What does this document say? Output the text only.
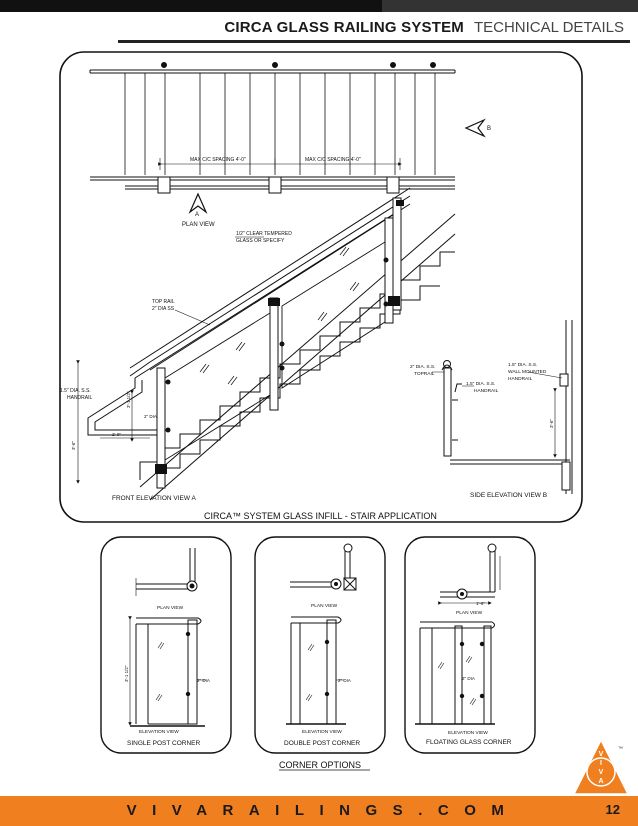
CIRCA GLASS RAILING SYSTEM TECHNICAL DETAILS
MAX C/C SPACING 4'-0"	MAX C/C SPACING 4'-0"
A
PLAN VIEW
B
1/2" CLEAR TEMPERED
GLASS OR SPECIFY
TOP RAIL
2" DIA SS
1.5" DIA. S.S.
HANDRAIL
2" DIA
2'-0"
3'-6"
3'-1 1/2"
FRONT ELEVATION VIEW A
2" DIA. S.S.
TOPRAIL
1.5" DIA. S.S.
HANDRAIL
1.5" DIA. S.S.
WALL MOUNTED
HANDRAIL
3'-6"
SIDE ELEVATION VIEW B
CIRCA™ SYSTEM GLASS INFILL - STAIR APPLICATION
PLAN VIEW
2" DIA
3'-1 1/2"
ELEVATION VIEW
SINGLE POST CORNER
PLAN VIEW
2" DIA
ELEVATION VIEW
DOUBLE POST CORNER
1'-6"
PLAN VIEW
2" DIA
ELEVATION VIEW
FLOATING GLASS CORNER
CORNER OPTIONS
V
I
V
A
™
VIVARAILINGS.COM	12
